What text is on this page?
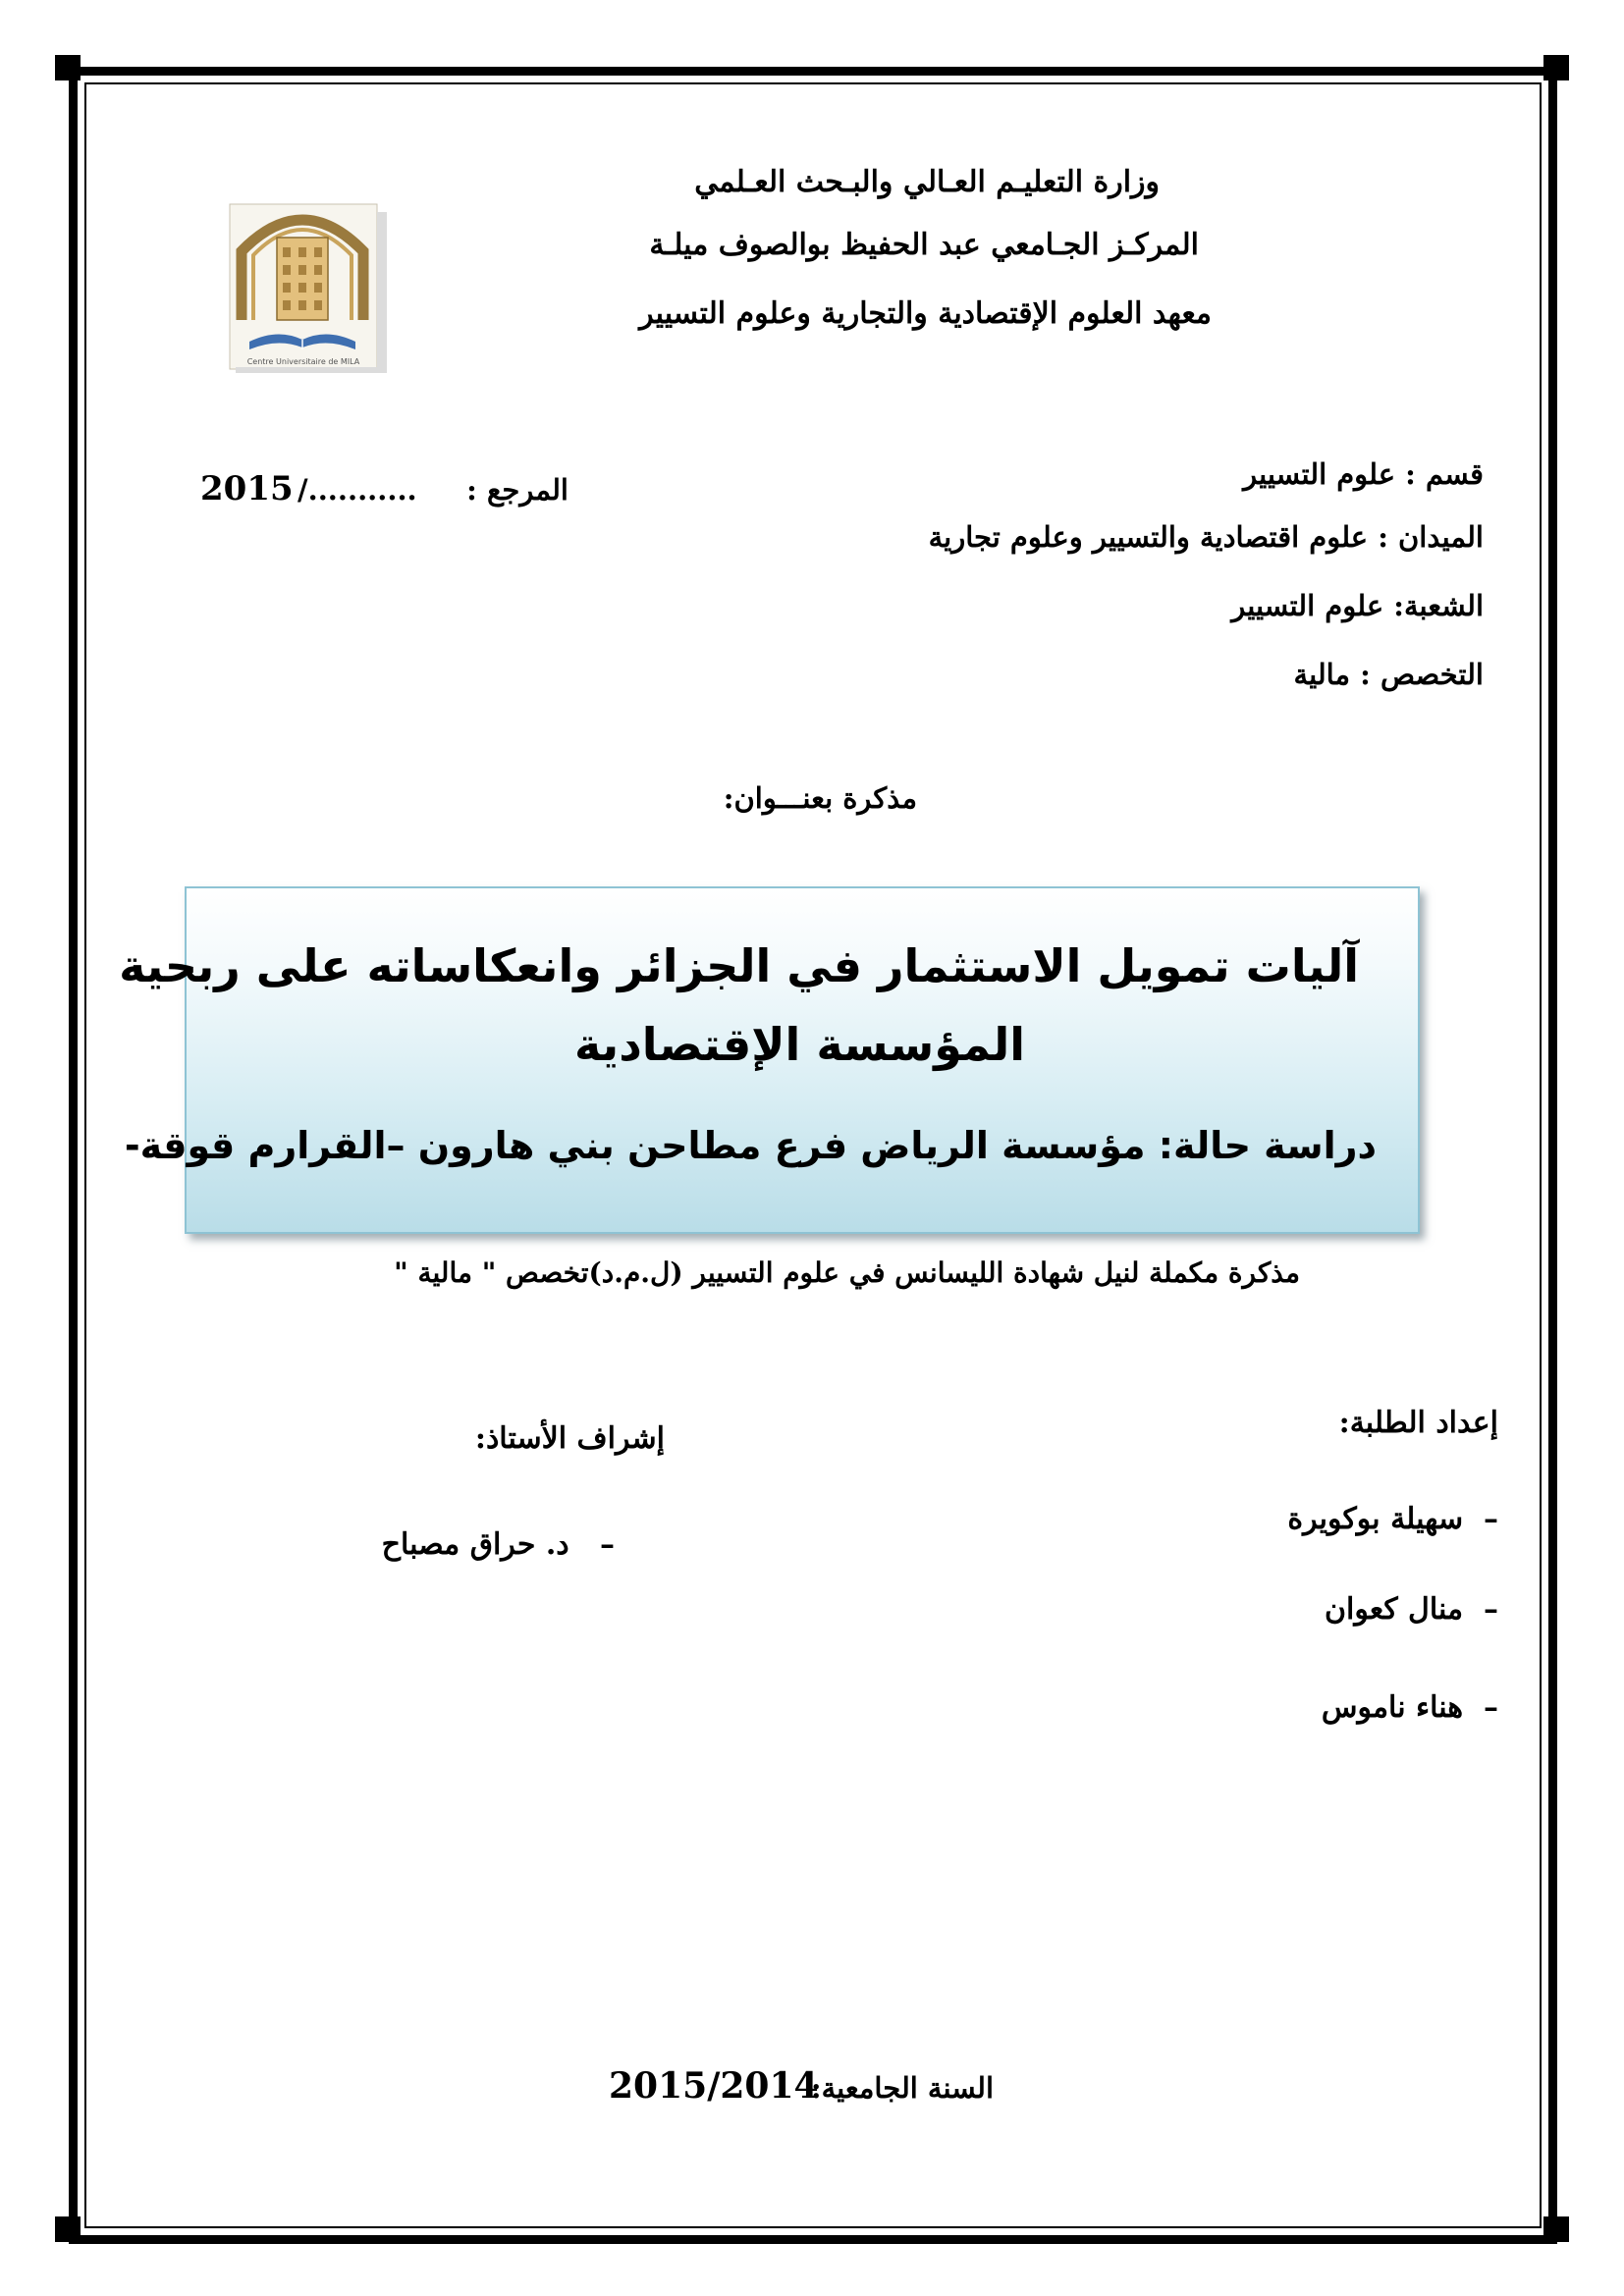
وزارة التعليـم العـالي والبـحث العـلمي
المركـز الجـامعي عبد الحفيظ بوالصوف ميلـة
معهد العلوم الإقتصادية والتجارية وعلوم التسيير
Centre Universitaire de MILA
قسم : علوم التسيير
الميدان : علوم اقتصادية والتسيير وعلوم تجارية
الشعبة: علوم التسيير
التخصص : مالية
المرجع :
/...........
2015
مذكرة بعنـــوان:
آليات تمويل الاستثمار في الجزائر وانعكاساته على ربحية
المؤسسة الإقتصادية
دراسة حالة: مؤسسة الرياض فرع مطاحن بني هارون –القرارم قوقة-
مذكرة مكملة لنيل شهادة الليسانس في علوم التسيير (ل.م.د)تخصص " مالية "
إعداد الطلبة:
–  سهيلة بوكويرة
–  منال كعوان
–  هناء ناموس
إشراف الأستاذ:
–   د. حراق مصباح
السنة الجامعية:
2015/2014
